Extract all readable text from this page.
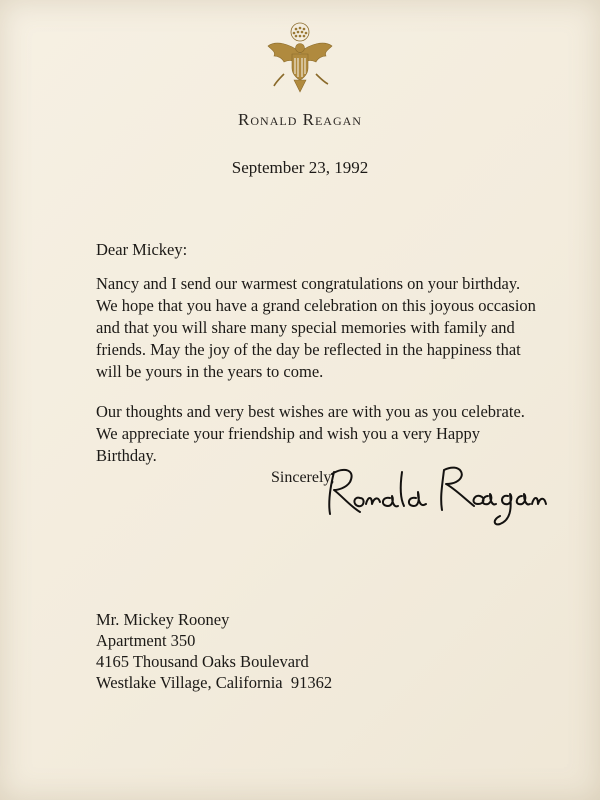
Ronald Reagan
September 23, 1992
Dear Mickey:

Nancy and I send our warmest congratulations on your birthday. We hope that you have a grand celebration on this joyous occasion and that you will share many special memories with family and friends. May the joy of the day be reflected in the happiness that will be yours in the years to come.

Our thoughts and very best wishes are with you as you celebrate. We appreciate your friendship and wish you a very Happy Birthday.

Sincerely,
Mr. Mickey Rooney
Apartment 350
4165 Thousand Oaks Boulevard
Westlake Village, California  91362
